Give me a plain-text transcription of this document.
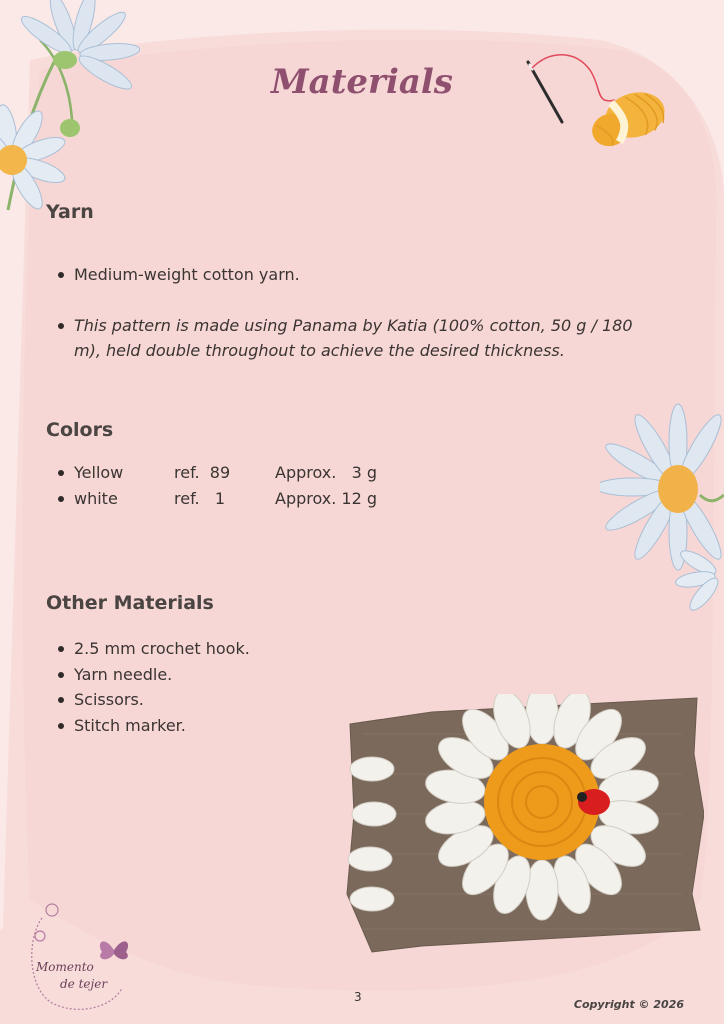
Materials
Yarn
Medium-weight cotton yarn.
This pattern is made using Panama by Katia (100% cotton, 50 g / 180 m), held double throughout to achieve the desired thickness.
Colors
Yellow	ref.  89	Approx.   3 g
white	ref.   1	Approx. 12 g
Other Materials
2.5 mm crochet hook.
Yarn needle.
Scissors.
Stitch marker.
Momento
de tejer
3
Copyright © 2026
